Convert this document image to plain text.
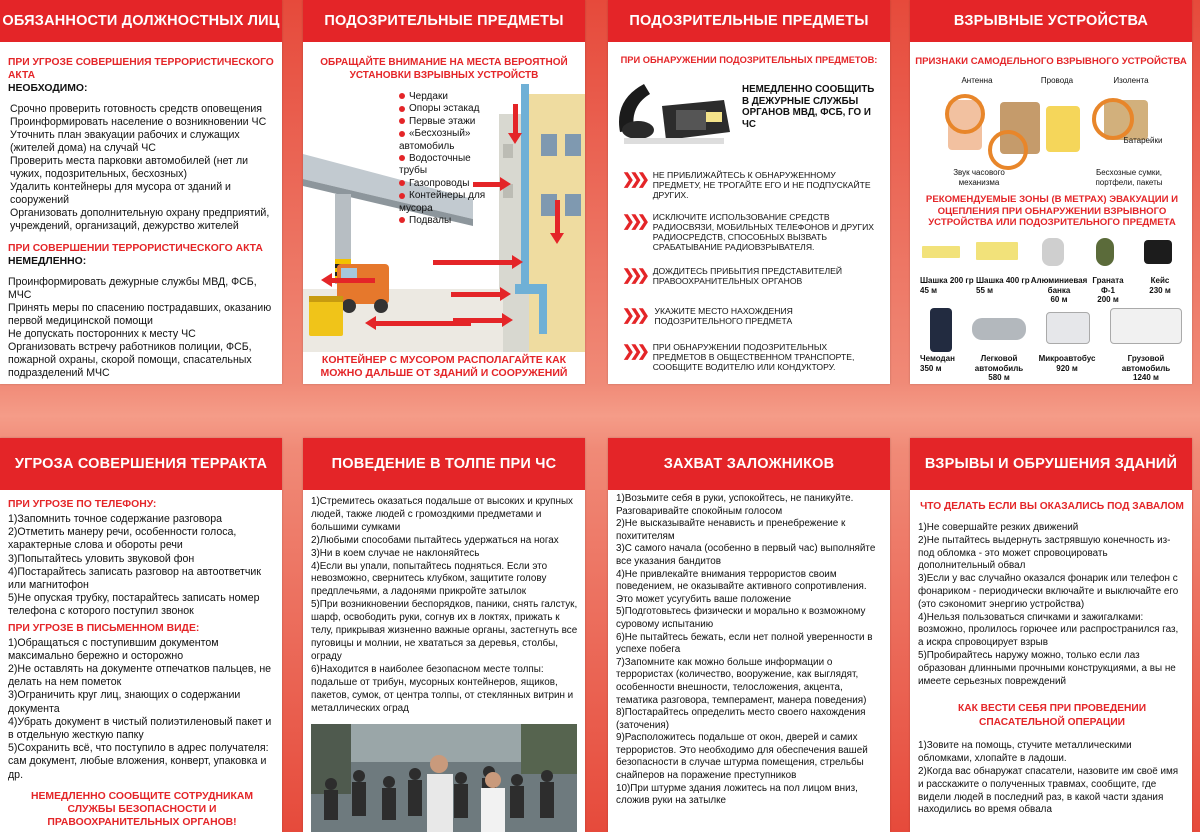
ОБЯЗАННОСТИ ДОЛЖНОСТНЫХ ЛИЦ
ПРИ УГРОЗЕ СОВЕРШЕНИЯ ТЕРРОРИСТИЧЕСКОГО АКТА
НЕОБХОДИМО:
Срочно проверить готовность средств оповещения
Проинформировать население о возникновении ЧС
Уточнить план эвакуации рабочих и служащих (жителей дома) на случай ЧС
Проверить места парковки автомобилей (нет ли чужих, подозрительных, бесхозных)
Удалить контейнеры для мусора от зданий и сооружений
Организовать дополнительную охрану предприятий, учреждений, организаций, дежурство жителей
ПРИ СОВЕРШЕНИИ ТЕРРОРИСТИЧЕСКОГО АКТА
НЕМЕДЛЕННО:
Проинформировать дежурные службы МВД, ФСБ, МЧС
Принять меры по спасению пострадавших, оказанию первой медицинской помощи
Не допускать посторонних к месту ЧС
Организовать встречу работников полиции, ФСБ, пожарной охраны, скорой помощи, спасательных подразделений МЧС
ПОДОЗРИТЕЛЬНЫЕ ПРЕДМЕТЫ
ОБРАЩАЙТЕ ВНИМАНИЕ НА МЕСТА ВЕРОЯТНОЙ УСТАНОВКИ ВЗРЫВНЫХ УСТРОЙСТВ
Чердаки
Опоры эстакад
Первые этажи
«Бесхозный» автомобиль
Водосточные трубы
Газопроводы
Контейнеры для мусора
Подвалы
КОНТЕЙНЕР С МУСОРОМ РАСПОЛАГАЙТЕ КАК МОЖНО ДАЛЬШЕ ОТ ЗДАНИЙ И СООРУЖЕНИЙ
ПОДОЗРИТЕЛЬНЫЕ ПРЕДМЕТЫ
ПРИ ОБНАРУЖЕНИИ ПОДОЗРИТЕЛЬНЫХ ПРЕДМЕТОВ:
НЕМЕДЛЕННО СООБЩИТЬ В ДЕЖУРНЫЕ СЛУЖБЫ ОРГАНОВ МВД, ФСБ, ГО И ЧС
❯❯❯ НЕ ПРИБЛИЖАЙТЕСЬ К ОБНАРУЖЕННОМУ ПРЕДМЕТУ, НЕ ТРОГАЙТЕ ЕГО И НЕ ПОДПУСКАЙТЕ ДРУГИХ.
❯❯❯ ИСКЛЮЧИТЕ ИСПОЛЬЗОВАНИЕ СРЕДСТВ РАДИОСВЯЗИ, МОБИЛЬНЫХ ТЕЛЕФОНОВ И ДРУГИХ РАДИОСРЕДСТВ, СПОСОБНЫХ ВЫЗВАТЬ СРАБАТЫВАНИЕ РАДИОВЗРЫВАТЕЛЯ.
❯❯❯ ДОЖДИТЕСЬ ПРИБЫТИЯ ПРЕДСТАВИТЕЛЕЙ ПРАВООХРАНИТЕЛЬНЫХ ОРГАНОВ
❯❯❯ УКАЖИТЕ МЕСТО НАХОЖДЕНИЯ ПОДОЗРИТЕЛЬНОГО ПРЕДМЕТА
❯❯❯ ПРИ ОБНАРУЖЕНИИ ПОДОЗРИТЕЛЬНЫХ ПРЕДМЕТОВ В ОБЩЕСТВЕННОМ ТРАНСПОРТЕ, СООБЩИТЕ ВОДИТЕЛЮ ИЛИ КОНДУКТОРУ.
ВЗРЫВНЫЕ УСТРОЙСТВА
ПРИЗНАКИ САМОДЕЛЬНОГО ВЗРЫВНОГО УСТРОЙСТВА
Антенна	Провода	Изолента
Батарейки
Звук часового механизма
Бесхозные сумки, портфели, пакеты
РЕКОМЕНДУЕМЫЕ ЗОНЫ (В МЕТРАХ) ЭВАКУАЦИИ И ОЦЕПЛЕНИЯ ПРИ ОБНАРУЖЕНИИ ВЗРЫВНОГО УСТРОЙСТВА ИЛИ ПОДОЗРИТЕЛЬНОГО ПРЕДМЕТА
Шашка 200 гр
45 м
Шашка 400 гр
55 м
Алюминиевая банка
60 м
Граната Ф-1
200 м
Кейс
230 м
Чемодан
350 м
Легковой автомобиль
580 м
Микроавтобус
920 м
Грузовой автомобиль
1240 м
УГРОЗА СОВЕРШЕНИЯ ТЕРРАКТА
ПРИ УГРОЗЕ ПО ТЕЛЕФОНУ:
1)Запомнить точное содержание разговора
2)Отметить манеру речи, особенности голоса, характерные слова и обороты речи
3)Попытайтесь уловить звуковой фон
4)Постарайтесь записать разговор на автоответчик или магнитофон
5)Не опуская трубку, постарайтесь записать номер телефона с которого поступил звонок
ПРИ УГРОЗЕ В ПИСЬМЕННОМ ВИДЕ:
1)Обращаться с поступившим документом максимально бережно и осторожно
2)Не оставлять на документе отпечатков пальцев, не делать на нем пометок
3)Ограничить круг лиц, знающих о содержании документа
4)Убрать документ в чистый полиэтиленовый пакет и в отдельную жесткую папку
5)Сохранить всё, что поступило в адрес получателя: сам документ, любые вложения, конверт, упаковка и др.
НЕМЕДЛЕННО СООБЩИТЕ СОТРУДНИКАМ СЛУЖБЫ БЕЗОПАСНОСТИ И ПРАВООХРАНИТЕЛЬНЫХ ОРГАНОВ!
ПОВЕДЕНИЕ В ТОЛПЕ ПРИ ЧС
1)Стремитесь оказаться подальше от высоких и крупных людей, также людей с громоздкими предметами и большими сумками
2)Любыми способами пытайтесь удержаться на ногах
3)Ни в коем случае не наклоняйтесь
4)Если вы упали, попытайтесь подняться. Если это невозможно, свернитесь клубком, защитите голову предплечьями, а ладонями прикройте затылок
5)При возникновении беспорядков, паники, снять галстук, шарф, освободить руки, согнув их в локтях, прижать к телу, прикрывая жизненно важные органы, застегнуть все пуговицы и молнии, не хвататься за деревья, столбы, ограду
6)Находится в наиболее безопасном месте толпы: подальше от трибун, мусорных контейнеров, ящиков, пакетов, сумок, от центра толпы, от стеклянных витрин и металлических оград
ЗАХВАТ ЗАЛОЖНИКОВ
1)Возьмите себя в руки, успокойтесь, не паникуйте. Разговаривайте спокойным голосом
2)Не высказывайте ненависть и пренебрежение к похитителям
3)С самого начала (особенно в первый час) выполняйте все указания бандитов
4)Не привлекайте внимания террористов своим поведением, не оказывайте активного сопротивления. Это может усугубить ваше положение
5)Подготовьтесь физически и морально к возможному суровому испытанию
6)Не пытайтесь бежать, если нет полной уверенности в успехе побега
7)Запомните как можно больше информации о террористах (количество, вооружение, как выглядят, особенности внешности, телосложения, акцента, тематика разговора, темперамент, манера поведения)
8)Постарайтесь определить место своего нахождения (заточения)
9)Расположитесь подальше от окон, дверей и самих террористов. Это необходимо для обеспечения вашей безопасности в случае штурма помещения, стрельбы снайперов на поражение преступников
10)При штурме здания ложитесь на пол лицом вниз, сложив руки на затылке
ВЗРЫВЫ И ОБРУШЕНИЯ ЗДАНИЙ
ЧТО ДЕЛАТЬ ЕСЛИ ВЫ ОКАЗАЛИСЬ ПОД ЗАВАЛОМ
1)Не совершайте резких движений
2)Не пытайтесь выдернуть застрявшую конечность из-под обломка - это может спровоцировать дополнительный обвал
3)Если у вас случайно оказался фонарик или телефон с фонариком - периодически включайте и выключайте его (это сэкономит энергию устройства)
4)Нельзя пользоваться спичками и зажигалками: возможно, пролилось горючее или распространился газ, а искра спровоцирует взрыв
5)Пробирайтесь наружу можно, только если лаз образован длинными прочными конструкциями, а вы не имеете серьезных повреждений
КАК ВЕСТИ СЕБЯ ПРИ ПРОВЕДЕНИИ СПАСАТЕЛЬНОЙ ОПЕРАЦИИ
1)Зовите на помощь, стучите металлическими обломками, хлопайте в ладоши.
2)Когда вас обнаружат спасатели, назовите им своё имя и расскажите о полученных травмах, сообщите, где видели людей в последний раз, в какой части здания находились во время обвала
